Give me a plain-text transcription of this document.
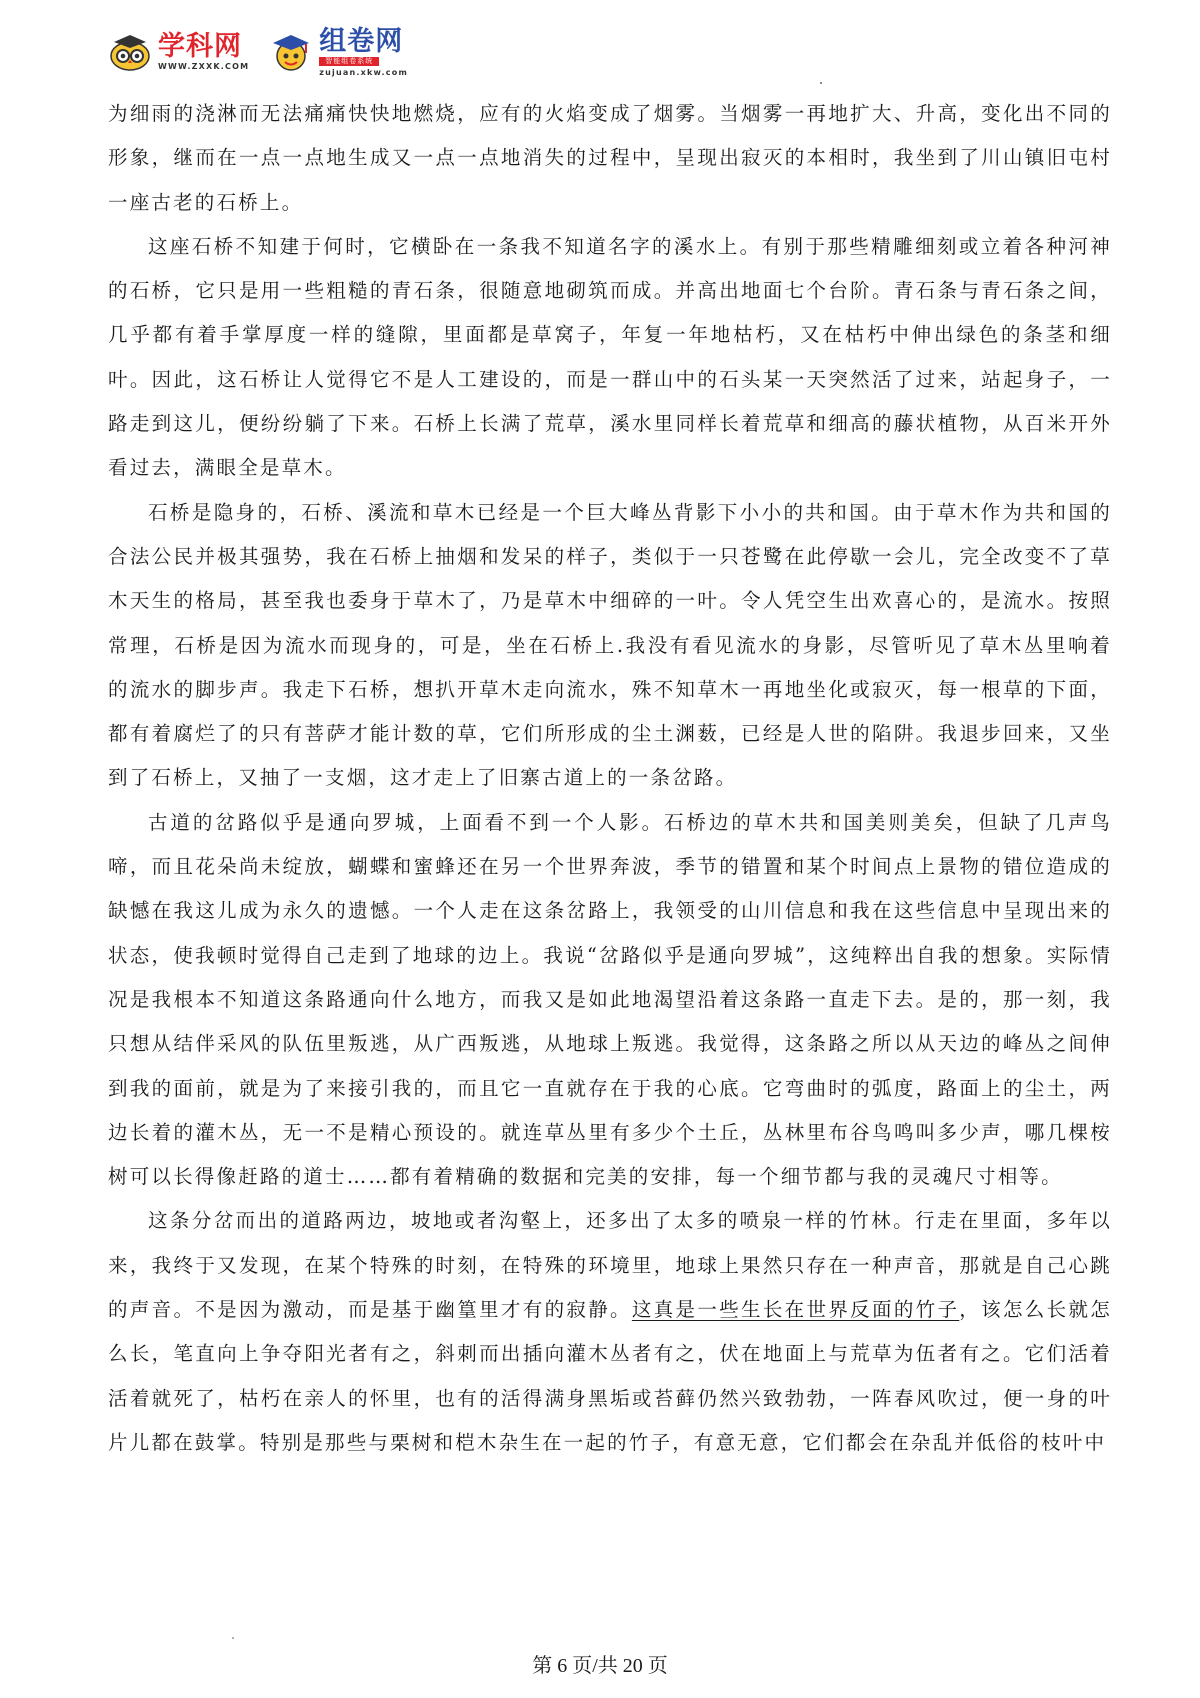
学科网
WWW.ZXXK.COM
组卷网
智能组卷系统
zujuan.xkw.com

为细雨的浇淋而无法痛痛快快地燃烧，应有的火焰变成了烟雾。当烟雾一再地扩大、升高，变化出不同的形象，继而在一点一点地生成又一点一点地消失的过程中，呈现出寂灭的本相时，我坐到了川山镇旧屯村一座古老的石桥上。

这座石桥不知建于何时，它横卧在一条我不知道名字的溪水上。有别于那些精雕细刻或立着各种河神的石桥，它只是用一些粗糙的青石条，很随意地砌筑而成。并高出地面七个台阶。青石条与青石条之间，几乎都有着手掌厚度一样的缝隙，里面都是草窝子，年复一年地枯朽，又在枯朽中伸出绿色的条茎和细叶。因此，这石桥让人觉得它不是人工建设的，而是一群山中的石头某一天突然活了过来，站起身子，一路走到这儿，便纷纷躺了下来。石桥上长满了荒草，溪水里同样长着荒草和细高的藤状植物，从百米开外看过去，满眼全是草木。

石桥是隐身的，石桥、溪流和草木已经是一个巨大峰丛背影下小小的共和国。由于草木作为共和国的合法公民并极其强势，我在石桥上抽烟和发呆的样子，类似于一只苍鹭在此停歇一会儿，完全改变不了草木天生的格局，甚至我也委身于草木了，乃是草木中细碎的一叶。令人凭空生出欢喜心的，是流水。按照常理，石桥是因为流水而现身的，可是，坐在石桥上.我没有看见流水的身影，尽管听见了草木丛里响着的流水的脚步声。我走下石桥，想扒开草木走向流水，殊不知草木一再地坐化或寂灭，每一根草的下面，都有着腐烂了的只有菩萨才能计数的草，它们所形成的尘土渊薮，已经是人世的陷阱。我退步回来，又坐到了石桥上，又抽了一支烟，这才走上了旧寨古道上的一条岔路。

古道的岔路似乎是通向罗城，上面看不到一个人影。石桥边的草木共和国美则美矣，但缺了几声鸟啼，而且花朵尚未绽放，蝴蝶和蜜蜂还在另一个世界奔波，季节的错置和某个时间点上景物的错位造成的缺憾在我这儿成为永久的遗憾。一个人走在这条岔路上，我领受的山川信息和我在这些信息中呈现出来的状态，使我顿时觉得自己走到了地球的边上。我说“岔路似乎是通向罗城”，这纯粹出自我的想象。实际情况是我根本不知道这条路通向什么地方，而我又是如此地渴望沿着这条路一直走下去。是的，那一刻，我只想从结伴采风的队伍里叛逃，从广西叛逃，从地球上叛逃。我觉得，这条路之所以从天边的峰丛之间伸到我的面前，就是为了来接引我的，而且它一直就存在于我的心底。它弯曲时的弧度，路面上的尘土，两边长着的灌木丛，无一不是精心预设的。就连草丛里有多少个土丘，丛林里布谷鸟鸣叫多少声，哪几棵桉树可以长得像赶路的道士……都有着精确的数据和完美的安排，每一个细节都与我的灵魂尺寸相等。

这条分岔而出的道路两边，坡地或者沟壑上，还多出了太多的喷泉一样的竹林。行走在里面，多年以来，我终于又发现，在某个特殊的时刻，在特殊的环境里，地球上果然只存在一种声音，那就是自己心跳的声音。不是因为激动，而是基于幽篁里才有的寂静。这真是一些生长在世界反面的竹子，该怎么长就怎么长，笔直向上争夺阳光者有之，斜刺而出插向灌木丛者有之，伏在地面上与荒草为伍者有之。它们活着活着就死了，枯朽在亲人的怀里，也有的活得满身黑垢或苔藓仍然兴致勃勃，一阵春风吹过，便一身的叶片儿都在鼓掌。特别是那些与栗树和桤木杂生在一起的竹子，有意无意，它们都会在杂乱并低俗的枝叶中

第 6 页/共 20 页
